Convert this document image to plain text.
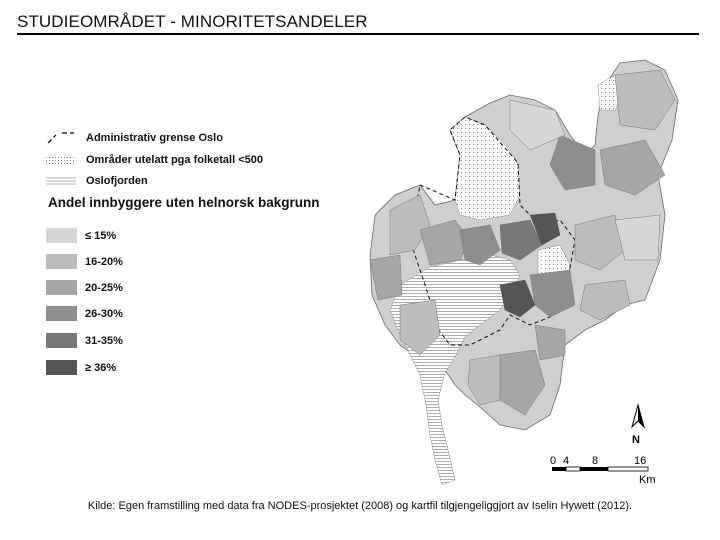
STUDIEOMRÅDET - MINORITETSANDELER
Administrativ grense Oslo
Områder utelatt pga folketall <500
Oslofjorden
Andel innbyggere uten helnorsk bakgrunn
≤ 15%
16-20%
20-25%
26-30%
31-35%
≥ 36%
N
0 4 8	16
Km
Kilde: Egen framstilling med data fra NODES-prosjektet (2008) og kartfil tilgjengeliggjort av Iselin Hywett (2012).
